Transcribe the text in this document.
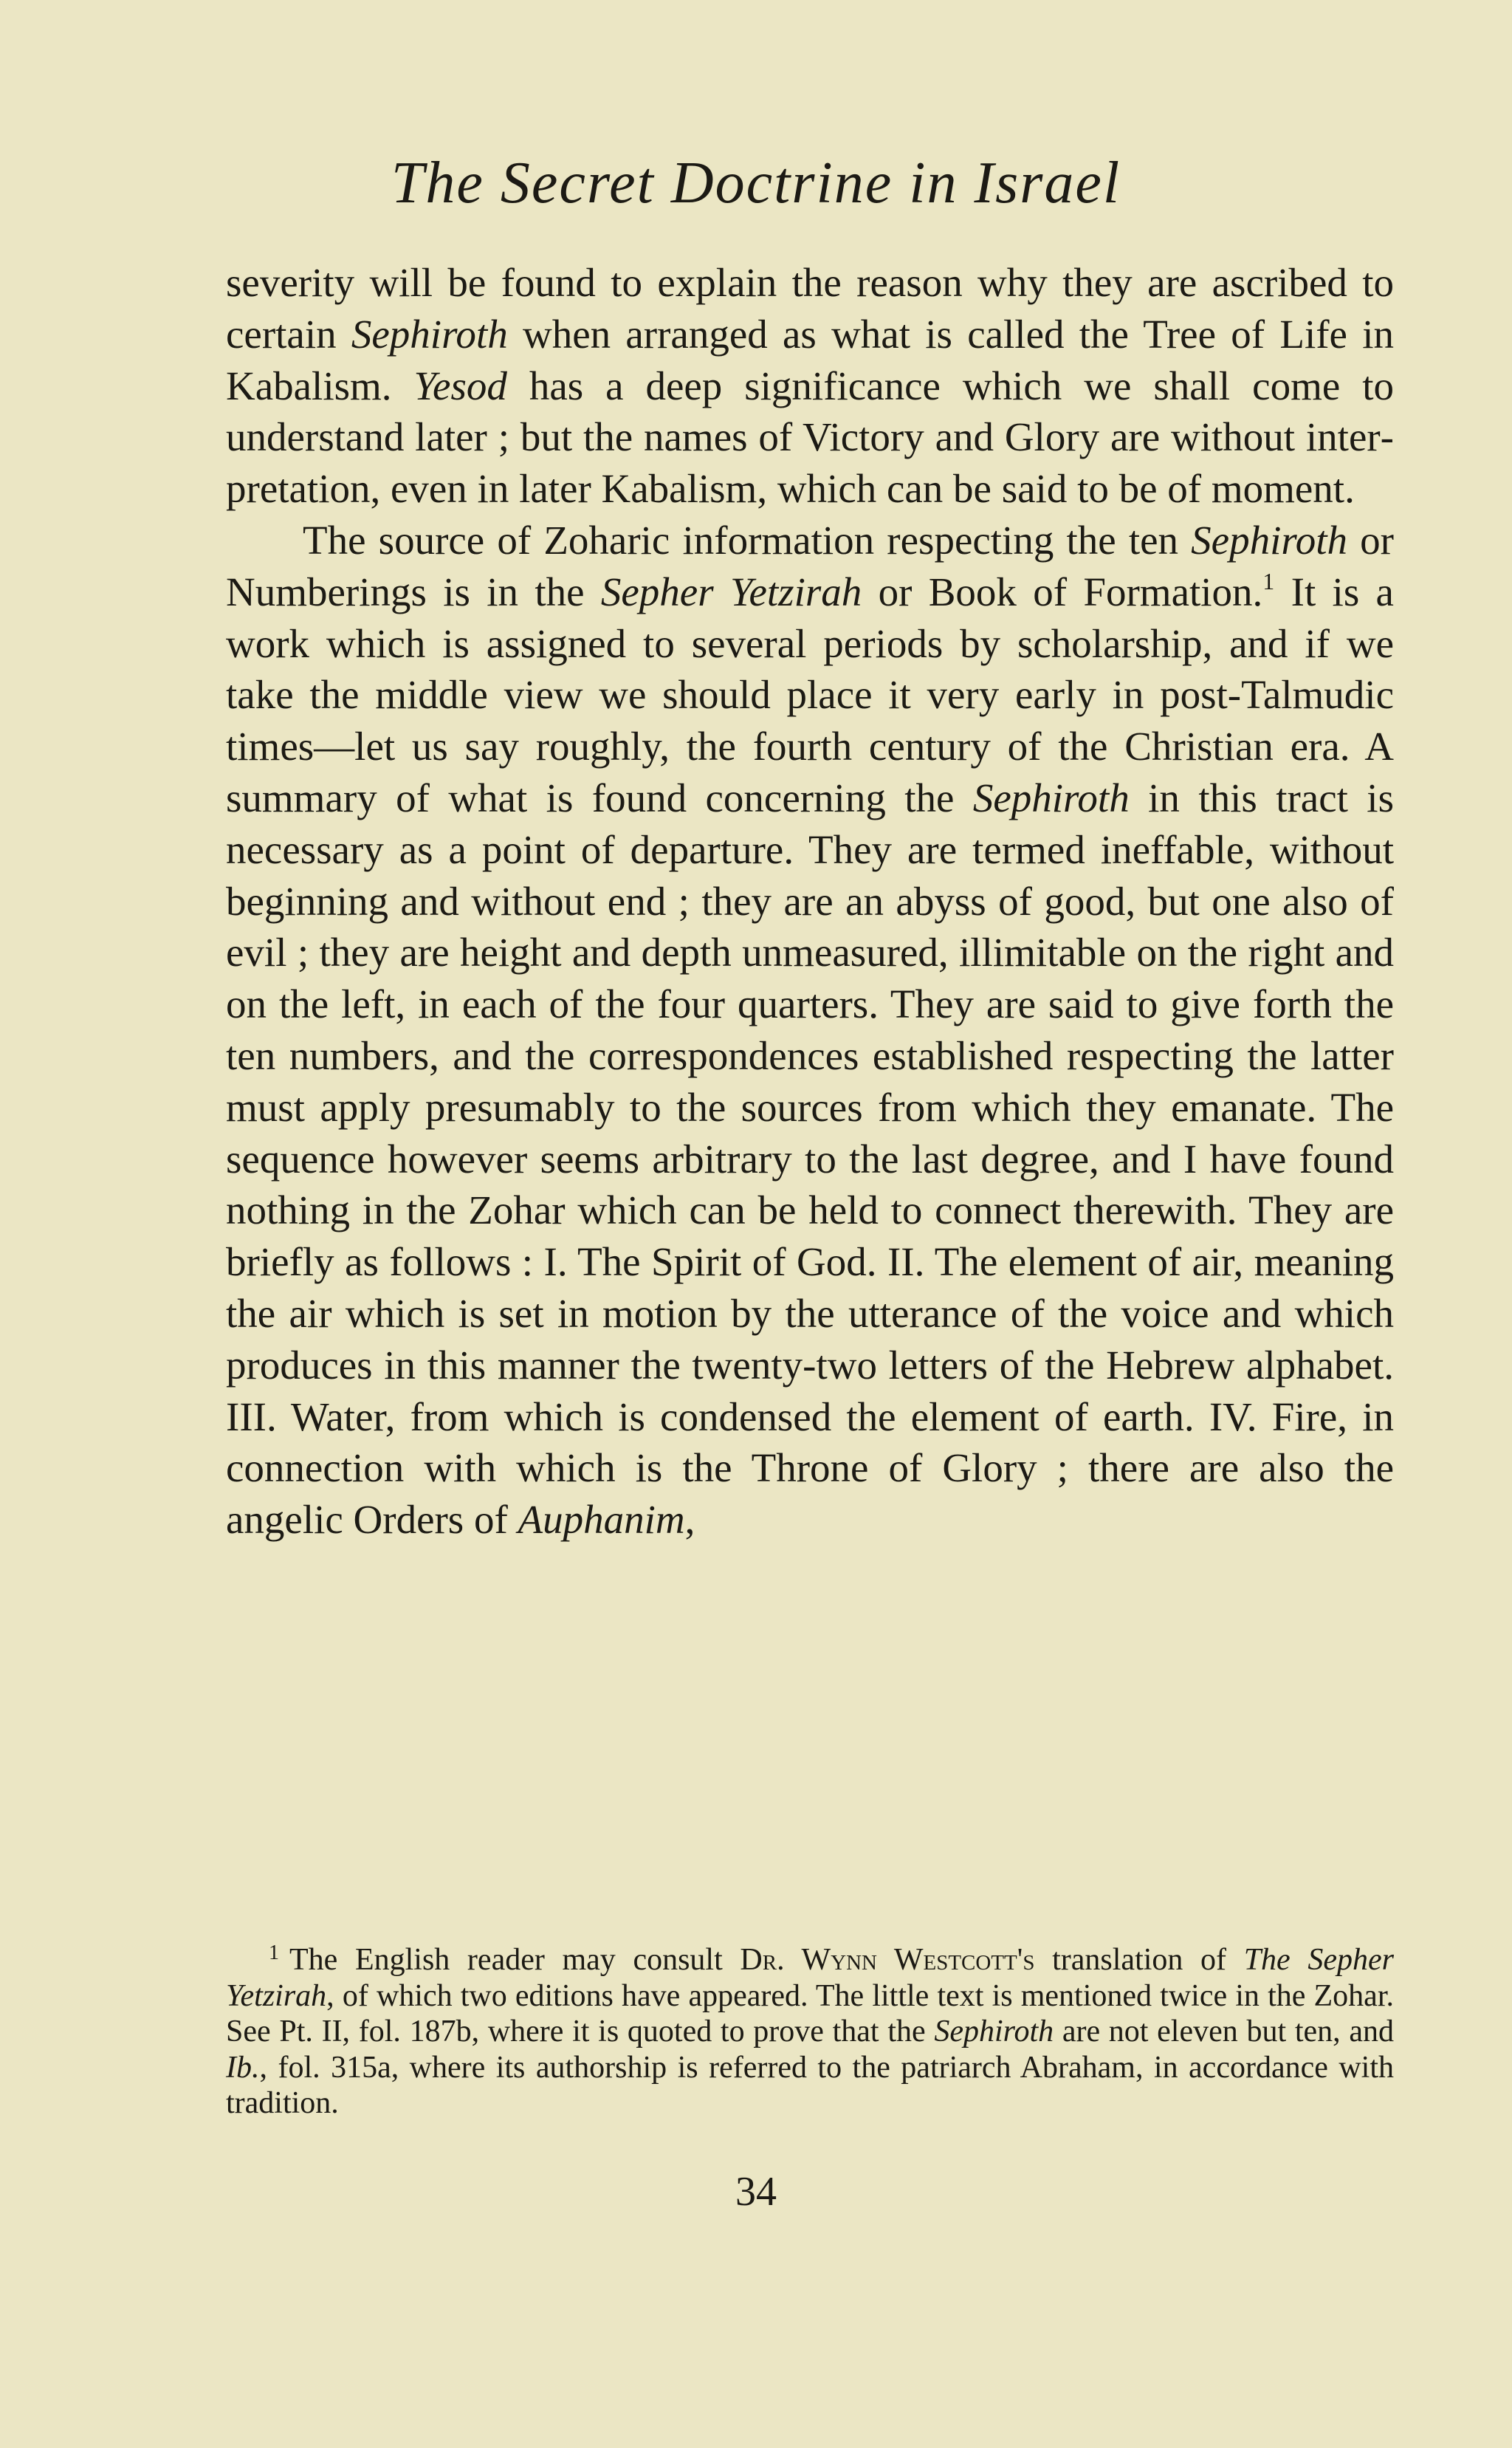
The Secret Doctrine in Israel

severity will be found to explain the reason why they are ascribed to certain Sephiroth when arranged as what is called the Tree of Life in Kabalism. Yesod has a deep significance which we shall come to understand later ; but the names of Victory and Glory are without interpretation, even in later Kabalism, which can be said to be of moment.

The source of Zoharic information respecting the ten Sephiroth or Numberings is in the Sepher Yetzirah or Book of Formation.$^1$ It is a work which is assigned to several periods by scholarship, and if we take the middle view we should place it very early in post-Talmudic times—let us say roughly, the fourth century of the Christian era. A summary of what is found concerning the Sephiroth in this tract is necessary as a point of departure. They are termed ineffable, without beginning and without end ; they are an abyss of good, but one also of evil ; they are height and depth unmeasured, illimitable on the right and on the left, in each of the four quarters. They are said to give forth the ten numbers, and the correspondences established respecting the latter must apply presumably to the sources from which they emanate. The sequence however seems arbitrary to the last degree, and I have found nothing in the Zohar which can be held to connect therewith. They are briefly as follows : I. The Spirit of God. II. The element of air, meaning the air which is set in motion by the utterance of the voice and which produces in this manner the twenty-two letters of the Hebrew alphabet. III. Water, from which is condensed the element of earth. IV. Fire, in connection with which is the Throne of Glory ; there are also the angelic Orders of Auphanim,

$^1$ The English reader may consult Dr. Wynn Westcott's translation of The Sepher Yetzirah, of which two editions have appeared. The little text is mentioned twice in the Zohar. See Pt. II, fol. 187b, where it is quoted to prove that the Sephiroth are not eleven but ten, and Ib., fol. 315a, where its authorship is referred to the patriarch Abraham, in accordance with tradition.
34
